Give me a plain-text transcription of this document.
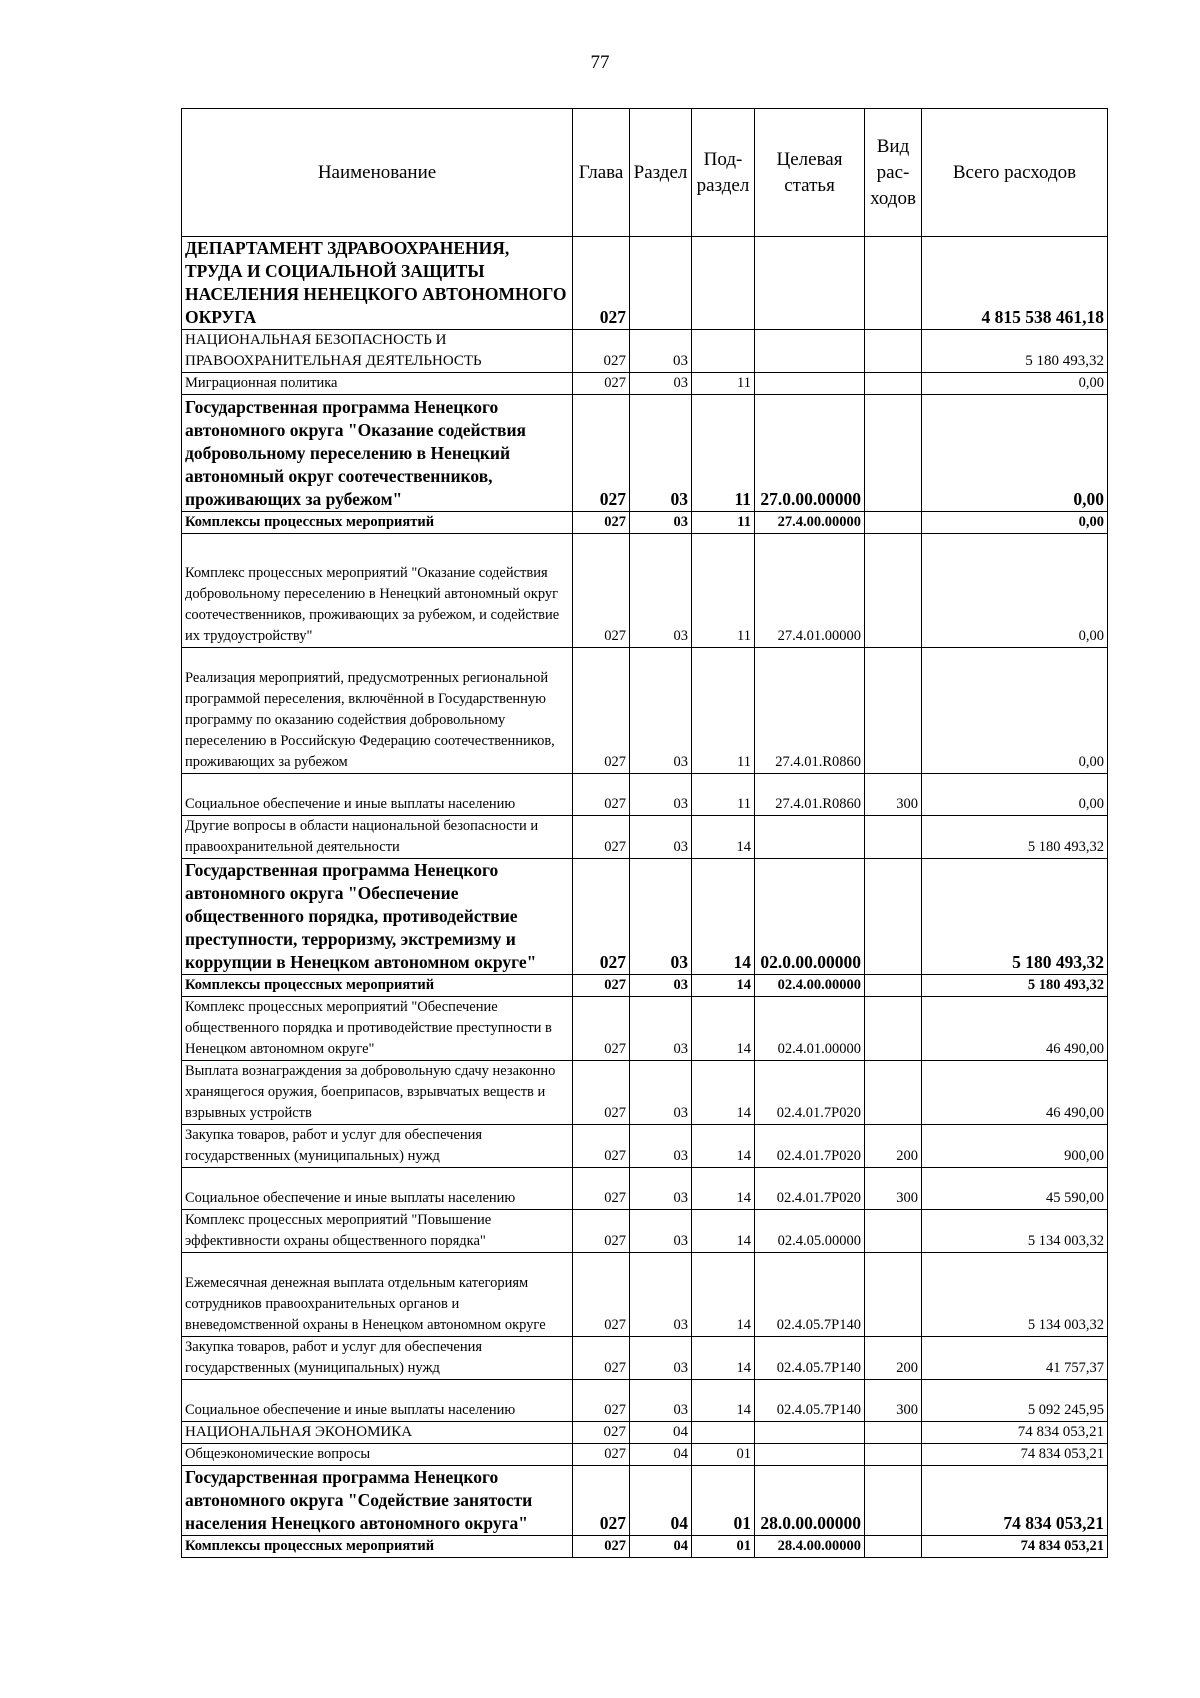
77
Наименование	Глава	Раздел	Под-раздел	Целевая статья	Вид рас-ходов	Всего расходов
ДЕПАРТАМЕНТ ЗДРАВООХРАНЕНИЯ, ТРУДА И СОЦИАЛЬНОЙ ЗАЩИТЫ НАСЕЛЕНИЯ НЕНЕЦКОГО АВТОНОМНОГО ОКРУГА	027					4 815 538 461,18
НАЦИОНАЛЬНАЯ БЕЗОПАСНОСТЬ И ПРАВООХРАНИТЕЛЬНАЯ ДЕЯТЕЛЬНОСТЬ	027	03				5 180 493,32
Миграционная политика	027	03	11			0,00
Государственная программа Ненецкого автономного округа "Оказание содействия добровольному переселению в Ненецкий автономный округ соотечественников, проживающих за рубежом"	027	03	11	27.0.00.00000		0,00
Комплексы процессных мероприятий	027	03	11	27.4.00.00000		0,00
Комплекс процессных мероприятий "Оказание содействия добровольному переселению в Ненецкий автономный округ соотечественников, проживающих за рубежом, и содействие их трудоустройству"	027	03	11	27.4.01.00000		0,00
Реализация мероприятий, предусмотренных региональной программой переселения, включённой в Государственную программу по оказанию содействия добровольному переселению в Российскую Федерацию соотечественников, проживающих за рубежом	027	03	11	27.4.01.R0860		0,00
Социальное обеспечение и иные выплаты населению	027	03	11	27.4.01.R0860	300	0,00
Другие вопросы в области национальной безопасности и правоохранительной деятельности	027	03	14			5 180 493,32
Государственная программа Ненецкого автономного округа "Обеспечение общественного порядка, противодействие преступности, терроризму, экстремизму и коррупции в Ненецком автономном округе"	027	03	14	02.0.00.00000		5 180 493,32
Комплексы процессных мероприятий	027	03	14	02.4.00.00000		5 180 493,32
Комплекс процессных мероприятий "Обеспечение общественного порядка и противодействие преступности в Ненецком автономном округе"	027	03	14	02.4.01.00000		46 490,00
Выплата вознаграждения за добровольную сдачу незаконно хранящегося оружия, боеприпасов, взрывчатых веществ и взрывных устройств	027	03	14	02.4.01.7Р020		46 490,00
Закупка товаров, работ и услуг для обеспечения государственных (муниципальных) нужд	027	03	14	02.4.01.7Р020	200	900,00
Социальное обеспечение и иные выплаты населению	027	03	14	02.4.01.7Р020	300	45 590,00
Комплекс процессных мероприятий "Повышение эффективности охраны общественного порядка"	027	03	14	02.4.05.00000		5 134 003,32
Ежемесячная денежная выплата отдельным категориям сотрудников правоохранительных органов и вневедомственной охраны в Ненецком автономном округе	027	03	14	02.4.05.7Р140		5 134 003,32
Закупка товаров, работ и услуг для обеспечения государственных (муниципальных) нужд	027	03	14	02.4.05.7Р140	200	41 757,37
Социальное обеспечение и иные выплаты населению	027	03	14	02.4.05.7Р140	300	5 092 245,95
НАЦИОНАЛЬНАЯ ЭКОНОМИКА	027	04				74 834 053,21
Общеэкономические вопросы	027	04	01			74 834 053,21
Государственная программа Ненецкого автономного округа "Содействие занятости населения Ненецкого автономного округа"	027	04	01	28.0.00.00000		74 834 053,21
Комплексы процессных мероприятий	027	04	01	28.4.00.00000		74 834 053,21
